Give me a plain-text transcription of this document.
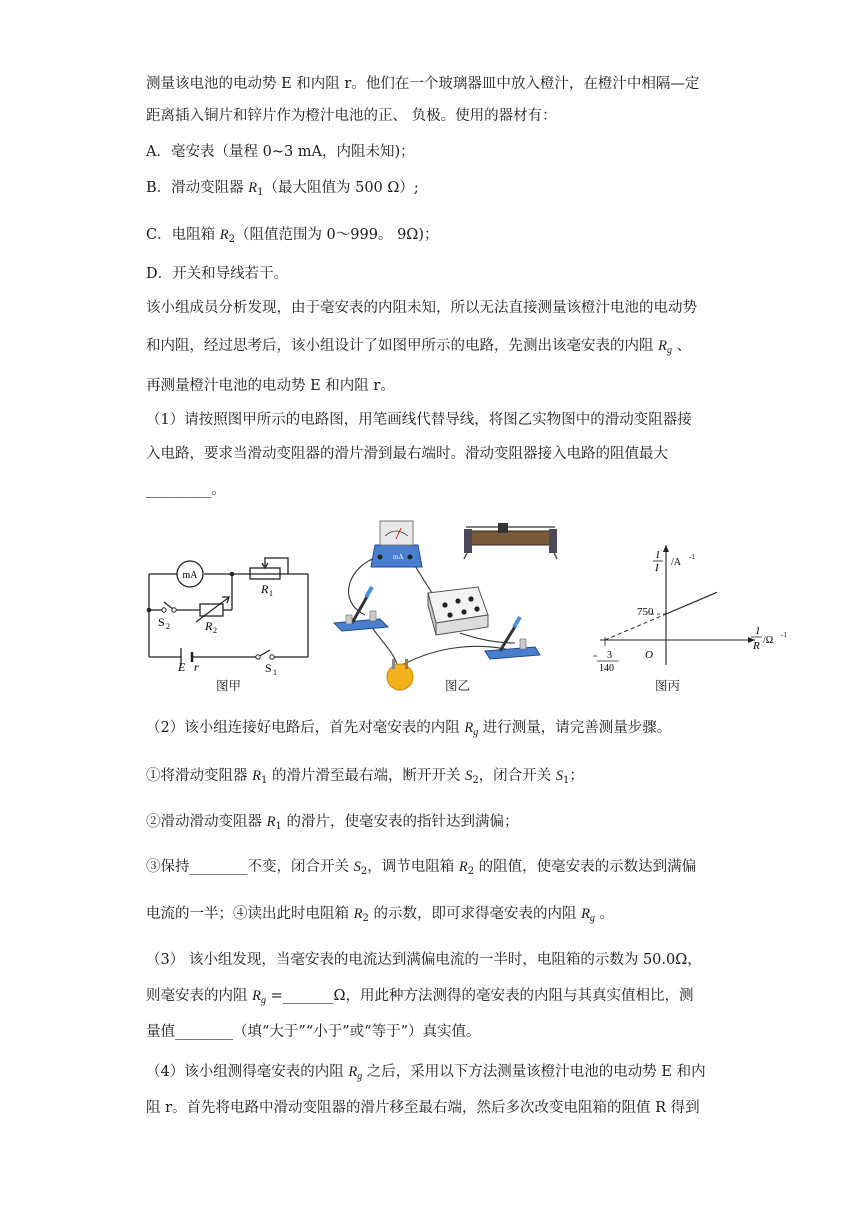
测量该电池的电动势 E 和内阻 r。他们在一个玻璃器皿中放入橙汁，在橙汁中相隔—定
距离插入铜片和锌片作为橙汁电池的正、 负极。使用的器材有：
A．毫安表（量程 0~3 mA，内阻未知)；
B．滑动变阻器 $R_1$（最大阻值为 500 Ω）;
C．电阻箱 $R_2$（阻值范围为 0～999。 9Ω)；
D．开关和导线若干。
该小组成员分析发现，由于毫安表的内阻未知，所以无法直接测量该橙汁电池的电动势
和内阻，经过思考后，该小组设计了如图甲所示的电路，先测出该毫安表的内阻 $R_g$ 、
再测量橙汁电池的电动势 E 和内阻 r。
（1）请按照图甲所示的电路图，用笔画线代替导线，将图乙实物图中的滑动变阻器接
入电路，要求当滑动变阻器的滑片滑到最右端时。滑动变阻器接入电路的阻值最大
_________。
mA
R 1
R 2
S 2
S 1
E r
图甲
mA
图乙
1
I /A -1
1
R /Ω -1
750
3
140
O
图丙
（2）该小组连接好电路后，首先对毫安表的内阻 $R_g$ 进行测量，请完善测量步骤。
①将滑动变阻器 $R_1$ 的滑片滑至最右端，断开开关 $S_2$，闭合开关 $S_1$；
②滑动滑动变阻器 $R_1$ 的滑片，使毫安表的指针达到满偏；
③保持________不变，闭合开关 $S_2$，调节电阻箱 $R_2$ 的阻值，使毫安表的示数达到满偏
电流的一半；④读出此时电阻箱 $R_2$ 的示数，即可求得毫安表的内阻 $R_g$ 。
（3） 该小组发现，当毫安表的电流达到满偏电流的一半时，电阻箱的示数为 50.0Ω，
则毫安表的内阻 $R_g$ =_______Ω，用此种方法测得的毫安表的内阻与其真实值相比，测
量值________（填“大于”“小于”或“等于”）真实值。
（4）该小组测得毫安表的内阻 $R_g$ 之后，采用以下方法测量该橙汁电池的电动势 E 和内
阻 r。首先将电路中滑动变阻器的滑片移至最右端，然后多次改变电阻箱的阻值 R 得到
